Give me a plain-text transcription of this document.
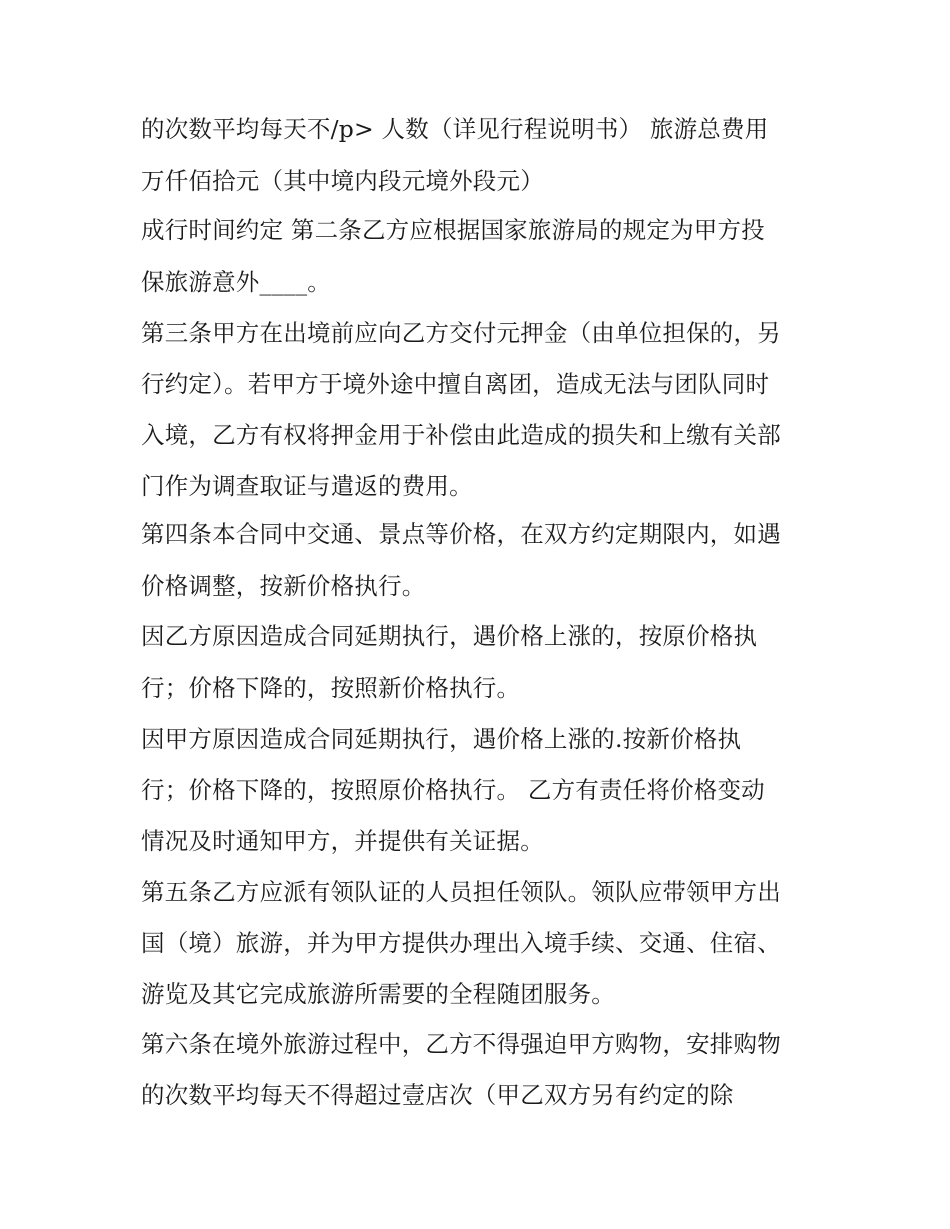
的次数平均每天不/p> 人数（详见行程说明书） 旅游总费用
万仟佰拾元（其中境内段元境外段元）
成行时间约定 第二条乙方应根据国家旅游局的规定为甲方投
保旅游意外____。
第三条甲方在出境前应向乙方交付元押金（由单位担保的，另
行约定）。若甲方于境外途中擅自离团，造成无法与团队同时
入境，乙方有权将押金用于补偿由此造成的损失和上缴有关部
门作为调查取证与遣返的费用。
第四条本合同中交通、景点等价格，在双方约定期限内，如遇
价格调整，按新价格执行。
因乙方原因造成合同延期执行，遇价格上涨的，按原价格执
行；价格下降的，按照新价格执行。
因甲方原因造成合同延期执行，遇价格上涨的.按新价格执
行；价格下降的，按照原价格执行。 乙方有责任将价格变动
情况及时通知甲方，并提供有关证据。
第五条乙方应派有领队证的人员担任领队。领队应带领甲方出
国（境）旅游，并为甲方提供办理出入境手续、交通、住宿、
游览及其它完成旅游所需要的全程随团服务。
第六条在境外旅游过程中，乙方不得强迫甲方购物，安排购物
的次数平均每天不得超过壹店次（甲乙双方另有约定的除
